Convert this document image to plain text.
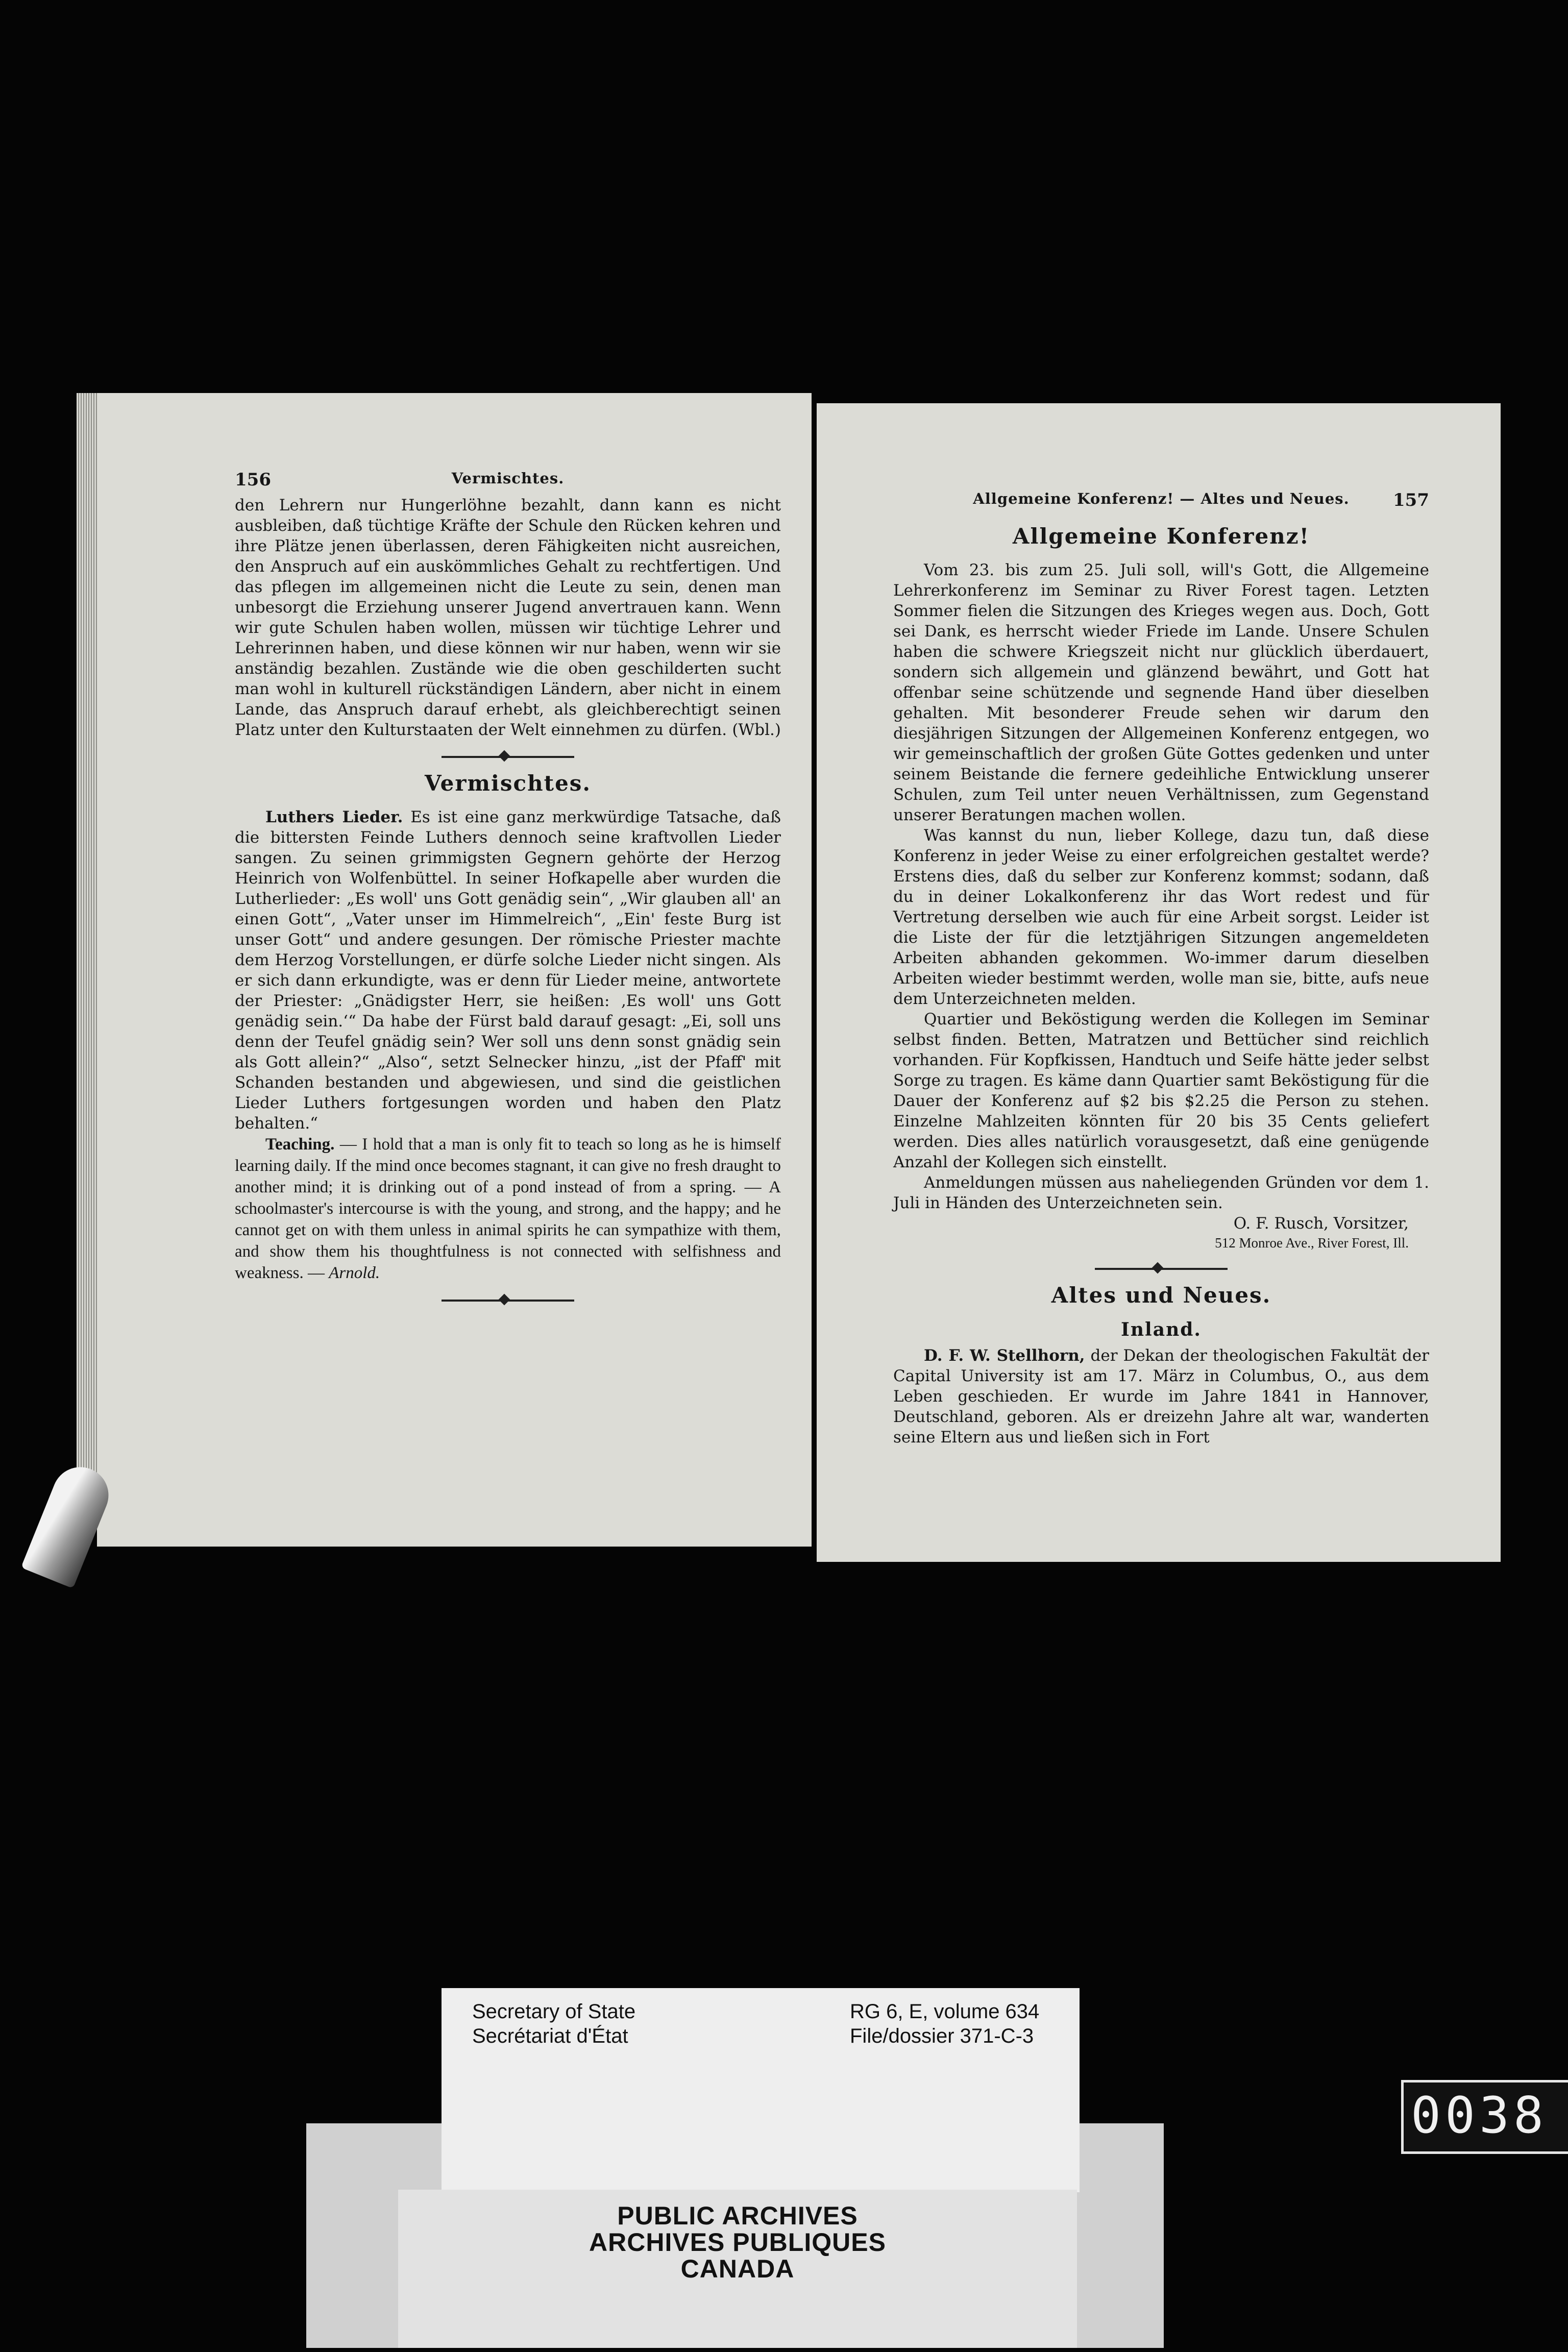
156	Vermischtes.

den Lehrern nur Hungerlöhne bezahlt, dann kann es nicht ausbleiben, daß tüchtige Kräfte der Schule den Rücken kehren und ihre Plätze jenen überlassen, deren Fähigkeiten nicht ausreichen, den Anspruch auf ein auskömmliches Gehalt zu rechtfertigen. Und das pflegen im allgemeinen nicht die Leute zu sein, denen man unbesorgt die Erziehung unserer Jugend anvertrauen kann. Wenn wir gute Schulen haben wollen, müssen wir tüchtige Lehrer und Lehrerinnen haben, und diese können wir nur haben, wenn wir sie anständig bezahlen. Zustände wie die oben geschilderten sucht man wohl in kulturell rückständigen Ländern, aber nicht in einem Lande, das Anspruch darauf erhebt, als gleichberechtigt seinen Platz unter den Kulturstaaten der Welt einnehmen zu dürfen. (Wbl.)

Vermischtes.

Luthers Lieder. Es ist eine ganz merkwürdige Tatsache, daß die bittersten Feinde Luthers dennoch seine kraftvollen Lieder sangen. Zu seinen grimmigsten Gegnern gehörte der Herzog Heinrich von Wolfenbüttel. In seiner Hofkapelle aber wurden die Lutherlieder: „Es woll' uns Gott genädig sein“, „Wir glauben all' an einen Gott“, „Vater unser im Himmelreich“, „Ein' feste Burg ist unser Gott“ und andere gesungen. Der römische Priester machte dem Herzog Vorstellungen, er dürfe solche Lieder nicht singen. Als er sich dann erkundigte, was er denn für Lieder meine, antwortete der Priester: „Gnädigster Herr, sie heißen: ‚Es woll' uns Gott genädig sein.‘“ Da habe der Fürst bald darauf gesagt: „Ei, soll uns denn der Teufel gnädig sein? Wer soll uns denn sonst gnädig sein als Gott allein?“ „Also“, setzt Selnecker hinzu, „ist der Pfaff' mit Schanden bestanden und abgewiesen, und sind die geistlichen Lieder Luthers fortgesungen worden und haben den Platz behalten.“

Teaching. — I hold that a man is only fit to teach so long as he is himself learning daily. If the mind once becomes stagnant, it can give no fresh draught to another mind; it is drinking out of a pond instead of from a spring. — A schoolmaster's intercourse is with the young, and strong, and the happy; and he cannot get on with them unless in animal spirits he can sympathize with them, and show them his thoughtfulness is not connected with selfishness and weakness. — Arnold.

Allgemeine Konferenz! — Altes und Neues.	157
Allgemeine Konferenz!

Vom 23. bis zum 25. Juli soll, will's Gott, die Allgemeine Lehrerkonferenz im Seminar zu River Forest tagen. Letzten Sommer fielen die Sitzungen des Krieges wegen aus. Doch, Gott sei Dank, es herrscht wieder Friede im Lande. Unsere Schulen haben die schwere Kriegszeit nicht nur glücklich überdauert, sondern sich allgemein und glänzend bewährt, und Gott hat offenbar seine schützende und segnende Hand über dieselben gehalten. Mit besonderer Freude sehen wir darum den diesjährigen Sitzungen der Allgemeinen Konferenz entgegen, wo wir gemeinschaftlich der großen Güte Gottes gedenken und unter seinem Beistande die fernere gedeihliche Entwicklung unserer Schulen, zum Teil unter neuen Verhältnissen, zum Gegenstand unserer Beratungen machen wollen.

Was kannst du nun, lieber Kollege, dazu tun, daß diese Konferenz in jeder Weise zu einer erfolgreichen gestaltet werde? Erstens dies, daß du selber zur Konferenz kommst; sodann, daß du in deiner Lokalkonferenz ihr das Wort redest und für Vertretung derselben wie auch für eine Arbeit sorgst. Leider ist die Liste der für die letztjährigen Sitzungen angemeldeten Arbeiten abhanden gekommen. Wo-immer darum dieselben Arbeiten wieder bestimmt werden, wolle man sie, bitte, aufs neue dem Unterzeichneten melden.

Quartier und Beköstigung werden die Kollegen im Seminar selbst finden. Betten, Matratzen und Bettücher sind reichlich vorhanden. Für Kopfkissen, Handtuch und Seife hätte jeder selbst Sorge zu tragen. Es käme dann Quartier samt Beköstigung für die Dauer der Konferenz auf $2 bis $2.25 die Person zu stehen. Einzelne Mahlzeiten könnten für 20 bis 35 Cents geliefert werden. Dies alles natürlich vorausgesetzt, daß eine genügende Anzahl der Kollegen sich einstellt.

Anmeldungen müssen aus naheliegenden Gründen vor dem 1. Juli in Händen des Unterzeichneten sein.

O. F. Rusch, Vorsitzer,

512 Monroe Ave., River Forest, Ill.

Altes und Neues.
Inland.

D. F. W. Stellhorn, der Dekan der theologischen Fakultät der Capital University ist am 17. März in Columbus, O., aus dem Leben geschieden. Er wurde im Jahre 1841 in Hannover, Deutschland, geboren. Als er dreizehn Jahre alt war, wanderten seine Eltern aus und ließen sich in Fort

Secretary of State
Secrétariat d'État
RG 6, E, volume 634
File/dossier 371-C-3
PUBLIC ARCHIVES
ARCHIVES PUBLIQUES
CANADA
0038
